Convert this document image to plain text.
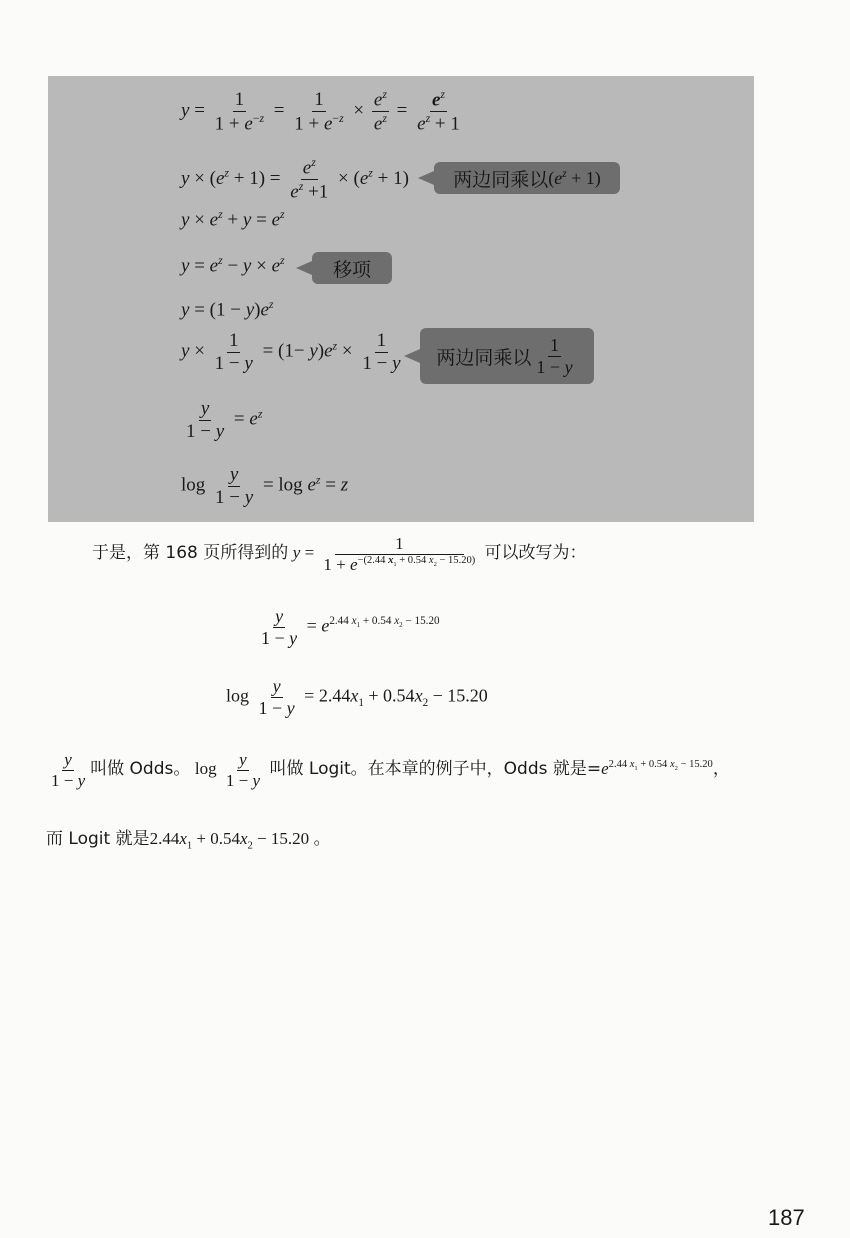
$y = \frac{1}{1 + e^{-z}} = \frac{1}{1 + e^{-z}} \times \frac{e^z}{e^z} = \frac{e^z}{e^z + 1}$
$y \times (e^z + 1) = \frac{e^z}{e^z +1} \times (e^z + 1)$ 两边同乘以 $(e^z + 1)$
$y \times e^z + y = e^z$
$y = e^z - y \times e^z$	移项
$y = (1 - y)e^z$
$y \times \frac{1}{1 - y} = (1- y)e^z \times \frac{1}{1 - y}$ 两边同乘以 $\frac{1}{1 - y}$
$\frac{y}{1 - y} = e^z$
$\log \frac{y}{1 - y} = \log e^z = z$
于是，第 168 页所得到的 $y = \frac{1}{1 + e^{-(2.44 x_1 + 0.54 x_2 - 15.20)}}$ 可以改写为：
$\frac{y}{1 - y} = e^{2.44 x_1 + 0.54 x_2 - 15.20}$
$\log \frac{y}{1 - y} = 2.44x_1 + 0.54x_2 - 15.20$
$\frac{y}{1 - y}$ 叫做 Odds。 $\log \frac{y}{1 - y}$ 叫做 Logit。在本章的例子中，Odds 就是$=e^{2.44 x_1 + 0.54 x_2 - 15.20}$，
而 Logit 就是$2.44x_1 + 0.54x_2 - 15.20$ 。
187
